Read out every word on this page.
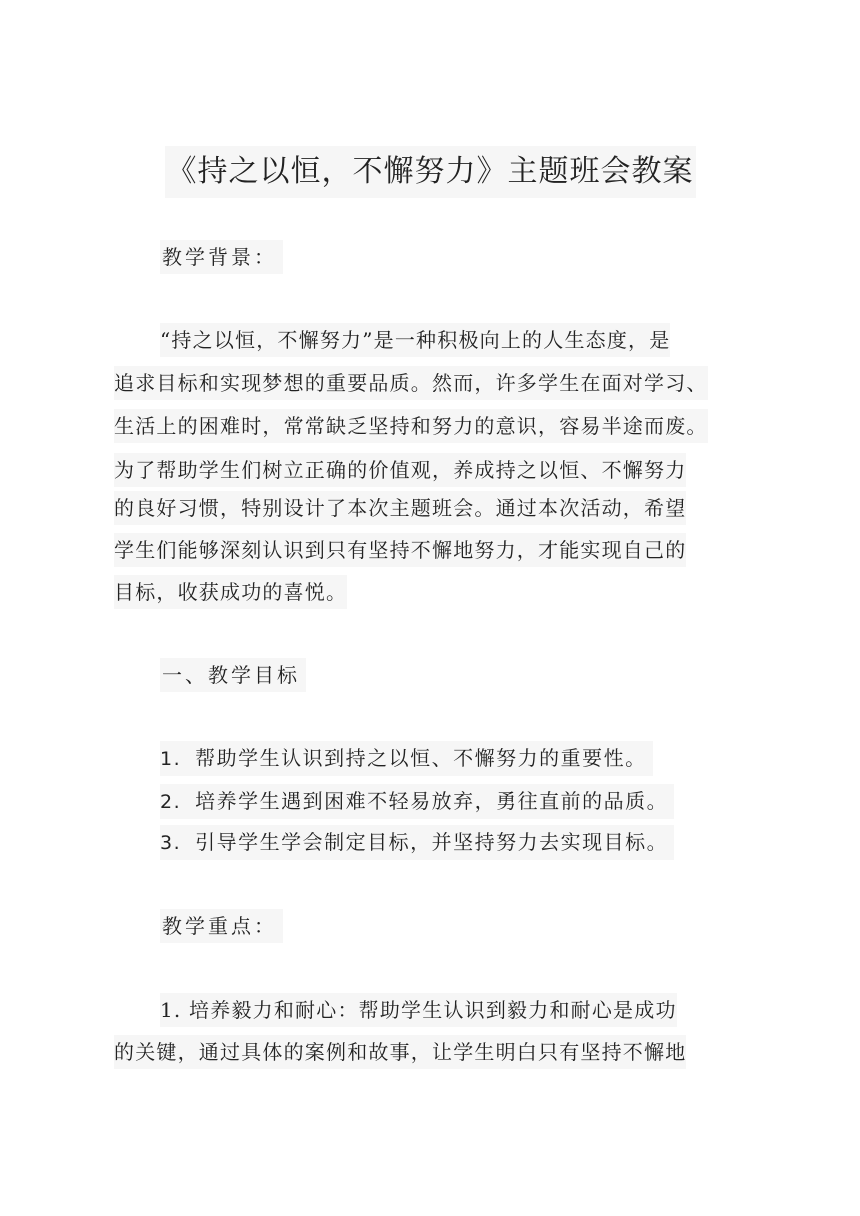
《持之以恒，不懈努力》主题班会教案
教学背景：
“持之以恒，不懈努力”是一种积极向上的人生态度，是
追求目标和实现梦想的重要品质。然而，许多学生在面对学习、
生活上的困难时，常常缺乏坚持和努力的意识，容易半途而废。
为了帮助学生们树立正确的价值观，养成持之以恒、不懈努力
的良好习惯，特别设计了本次主题班会。通过本次活动，希望
学生们能够深刻认识到只有坚持不懈地努力，才能实现自己的
目标，收获成功的喜悦。
一、教学目标
1. 帮助学生认识到持之以恒、不懈努力的重要性。
2. 培养学生遇到困难不轻易放弃，勇往直前的品质。
3. 引导学生学会制定目标，并坚持努力去实现目标。
教学重点：
1. 培养毅力和耐心：帮助学生认识到毅力和耐心是成功
的关键，通过具体的案例和故事，让学生明白只有坚持不懈地
